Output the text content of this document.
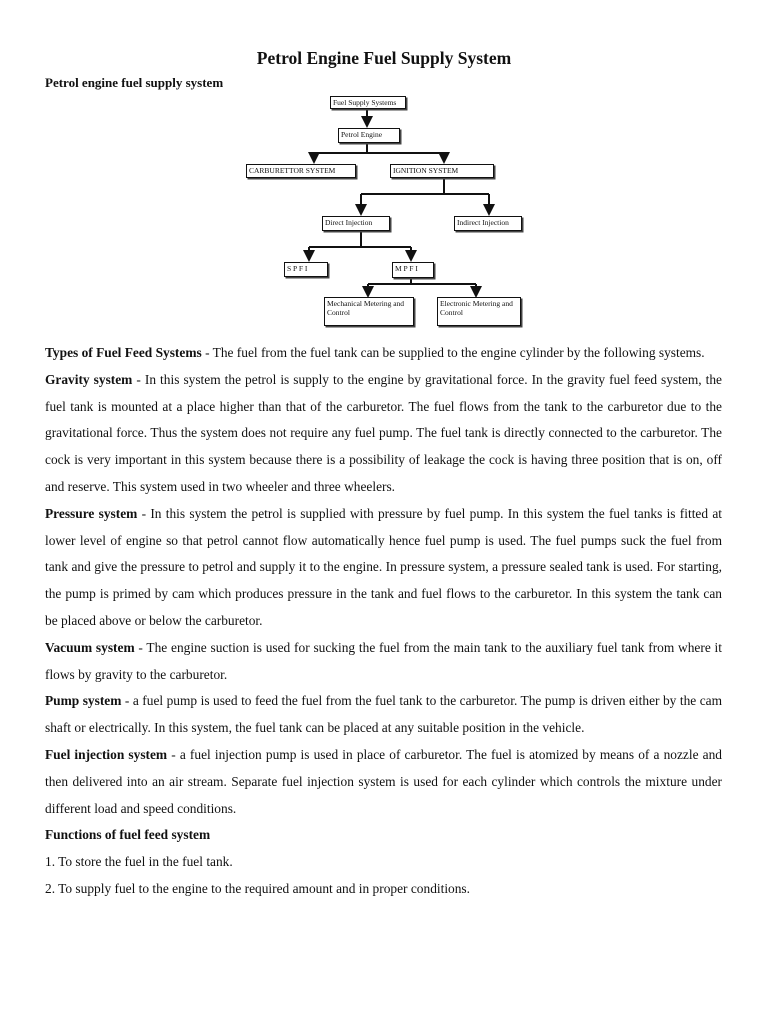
Petrol Engine Fuel Supply System
Petrol engine fuel supply system
Fuel Supply Systems
Petrol Engine
CARBURETTOR SYSTEM	IGNITION SYSTEM
Direct Injection	Indirect Injection
S P F I	M P F I
Mechanical Metering and Control
Electronic Metering and Control

Types of Fuel Feed Systems - The fuel from the fuel tank can be supplied to the engine cylinder by the following systems.

Gravity system - In this system the petrol is supply to the engine by gravitational force. In the gravity fuel feed system, the fuel tank is mounted at a place higher than that of the carburetor. The fuel flows from the tank to the carburetor due to the gravitational force. Thus the system does not require any fuel pump. The fuel tank is directly connected to the carburetor. The cock is very important in this system because there is a possibility of leakage the cock is having three position that is on, off and reserve. This system used in two wheeler and three wheelers.

Pressure system - In this system the petrol is supplied with pressure by fuel pump. In this system the fuel tanks is fitted at lower level of engine so that petrol cannot flow automatically hence fuel pump is used. The fuel pumps suck the fuel from tank and give the pressure to petrol and supply it to the engine. In pressure system, a pressure sealed tank is used. For starting, the pump is primed by cam which produces pressure in the tank and fuel flows to the carburetor. In this system the tank can be placed above or below the carburetor.

Vacuum system - The engine suction is used for sucking the fuel from the main tank to the auxiliary fuel tank from where it flows by gravity to the carburetor.

Pump system - a fuel pump is used to feed the fuel from the fuel tank to the carburetor. The pump is driven either by the cam shaft or electrically. In this system, the fuel tank can be placed at any suitable position in the vehicle.

Fuel injection system - a fuel injection pump is used in place of carburetor. The fuel is atomized by means of a nozzle and then delivered into an air stream. Separate fuel injection system is used for each cylinder which controls the mixture under different load and speed conditions.

Functions of fuel feed system

1. To store the fuel in the fuel tank.

2. To supply fuel to the engine to the required amount and in proper conditions.
